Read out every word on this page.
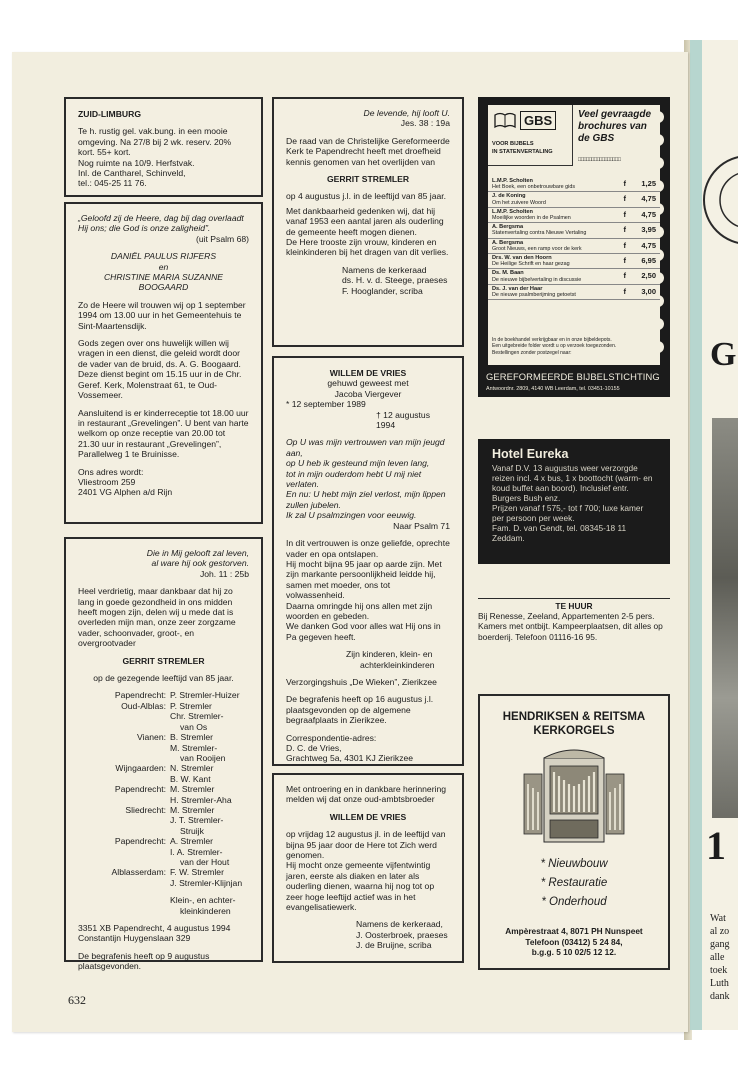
G
1
Wat
al zo
gang
alle
toek
Luth
dank

ZUID-LIMBURG

Te h. rustig gel. vak.bung. in een mooie omgeving. Na 27/8 bij 2 wk. reserv. 20% kort. 55+ kort.

Nog ruimte na 10/9. Herfstvak.

Inl. de Cantharel, Schinveld,

tel.: 045-25 11 76.

„Geloofd zij de Heere, dag bij dag overlaadt Hij ons; die God is onze zaligheid”.

(uit Psalm 68)

DANIËL PAULUS RIJFERS

en

CHRISTINE MARIA SUZANNE BOOGAARD

Zo de Heere wil trouwen wij op 1 september 1994 om 13.00 uur in het Gemeentehuis te Sint-Maartensdijk.

Gods zegen over ons huwelijk willen wij vragen in een dienst, die geleid wordt door de vader van de bruid, ds. A. G. Boogaard.

Deze dienst begint om 15.15 uur in de Chr. Geref. Kerk, Molenstraat 61, te Oud-Vossemeer.

Aansluitend is er kinderreceptie tot 18.00 uur in restaurant „Grevelingen”. U bent van harte welkom op onze receptie van 20.00 tot 21.30 uur in restaurant „Grevelingen”, Parallelweg 1 te Bruinisse.

Ons adres wordt:

Vliestroom 259

2401 VG Alphen a/d Rijn

Die in Mij gelooft zal leven,

al ware hij ook gestorven.

Joh. 11 : 25b

Heel verdrietig, maar dankbaar dat hij zo lang in goede gezondheid in ons midden heeft mogen zijn, delen wij u mede dat is overleden mijn man, onze zeer zorgzame vader, schoonvader, groot-, en overgrootvader

GERRIT STREMLER

op de gezegende leeftijd van 85 jaar.

Papendrecht: P. Stremler-Huizer
Oud-Alblas: P. Stremler
Chr. Stremler-
van Os
Vianen: B. Stremler
M. Stremler-
van Rooijen
Wijngaarden: N. Stremler
B. W. Kant
Papendrecht: M. Stremler
H. Stremler-Aha
Sliedrecht: M. Stremler
J. T. Stremler-
Struijk
Papendrecht: A. Stremler
I. A. Stremler-
van der Hout
Alblasserdam: F. W. Stremler
J. Stremler-Klijnjan

Klein-, en achter-

kleinkinderen

3351 XB Papendrecht, 4 augustus 1994

Constantijn Huygenslaan 329

De begrafenis heeft op 9 augustus plaatsgevonden.

De levende, hij looft U.

Jes. 38 : 19a

De raad van de Christelijke Gereformeerde Kerk te Papendrecht heeft met droefheid kennis genomen van het overlijden van

GERRIT STREMLER

op 4 augustus j.l. in de leeftijd van 85 jaar.

Met dankbaarheid gedenken wij, dat hij vanaf 1953 een aantal jaren als ouderling de gemeente heeft mogen dienen.

De Here trooste zijn vrouw, kinderen en kleinkinderen bij het dragen van dit verlies.

Namens de kerkeraad

ds. H. v. d. Steege, praeses

F. Hooglander, scriba

WILLEM DE VRIES

gehuwd geweest met

Jacoba Viergever

* 12 september 1989

† 12 augustus 1994

Op U was mijn vertrouwen van mijn jeugd aan,

op U heb ik gesteund mijn leven lang,

tot in mijn ouderdom hebt U mij niet verlaten.

En nu: U hebt mijn ziel verlost, mijn lippen zullen jubelen.

Ik zal U psalmzingen voor eeuwig.

Naar Psalm 71

In dit vertrouwen is onze geliefde, oprechte vader en opa ontslapen.

Hij mocht bijna 95 jaar op aarde zijn. Met zijn markante persoonlijkheid leidde hij, samen met moeder, ons tot volwassenheid.

Daarna omringde hij ons allen met zijn woorden en gebeden.

We danken God voor alles wat Hij ons in Pa gegeven heeft.

Zijn kinderen, klein- en

achterkleinkinderen

Verzorgingshuis „De Wieken”, Zierikzee

De begrafenis heeft op 16 augustus j.l. plaatsgevonden op de algemene begraafplaats in Zierikzee.

Correspondentie-adres:

D. C. de Vries,

Grachtweg 5a, 4301 KJ Zierikzee

Met ontroering en in dankbare herinnering melden wij dat onze oud-ambtsbroeder

WILLEM DE VRIES

op vrijdag 12 augustus jl. in de leeftijd van bijna 95 jaar door de Here tot Zich werd genomen.

Hij mocht onze gemeente vijfentwintig jaren, eerste als diaken en later als ouderling dienen, waarna hij nog tot op zeer hoge leeftijd actief was in het evangelisatiewerk.

Namens de kerkeraad,

J. Oosterbroek, praeses

J. de Bruijne, scriba

GBS
VOOR BIJBELS
IN STATENVERTALING
Veel gevraagde brochures van de GBS
□□□□□□□□□□□□□□□□
L.M.P. Scholten
Het Boek, een onbetrouwbare gids	f	1,25
J. de Koning
Om het zuivere Woord	f	4,75
L.M.P. Scholten
Moeilijke woorden in de Psalmen	f	4,75
A. Bergsma
Statenvertaling contra Nieuwe Vertaling	f	3,95
A. Bergsma
Groot Nieuws, een ramp voor de kerk	f	4,75
Drs. W. van den Hoorn
De Heilige Schrift en haar gezag	f	6,95
Ds. M. Baan
De nieuwe bijbelvertaling in discussie	f	2,50
Ds. J. van der Haar
De nieuwe psalmberijming getoetst	f	3,00
In de boekhandel verkrijgbaar en in onze bijbeldepots.
Een uitgebreide folder wordt u op verzoek toegezonden.
Bestellingen zonder postzegel naar:
GEREFORMEERDE BIJBELSTICHTING
Antwoordnr. 2809, 4140 WB Leerdam, tel. 03451-10155
Hotel Eureka
Vanaf D.V. 13 augustus weer verzorgde reizen incl. 4 x bus, 1 x boottocht (warm- en koud buffet aan boord). Inclusief entr. Burgers Bush enz.
Prijzen vanaf f 575,- tot f 700; luxe kamer per persoon per week.
Fam. D. van Gendt, tel. 08345-18 11 Zeddam.
TE HUUR
Bij Renesse, Zeeland, Appartementen 2-5 pers. Kamers met ontbijt. Kampeerplaatsen, dit alles op boerderij. Telefoon 01116-16 95.
HENDRIKSEN & REITSMA
KERKORGELS
* Nieuwbouw
* Restauratie
* Onderhoud
Ampèrestraat 4, 8071 PH Nunspeet
Telefoon (03412) 5 24 84,
b.g.g. 5 10 02/5 12 12.
632
